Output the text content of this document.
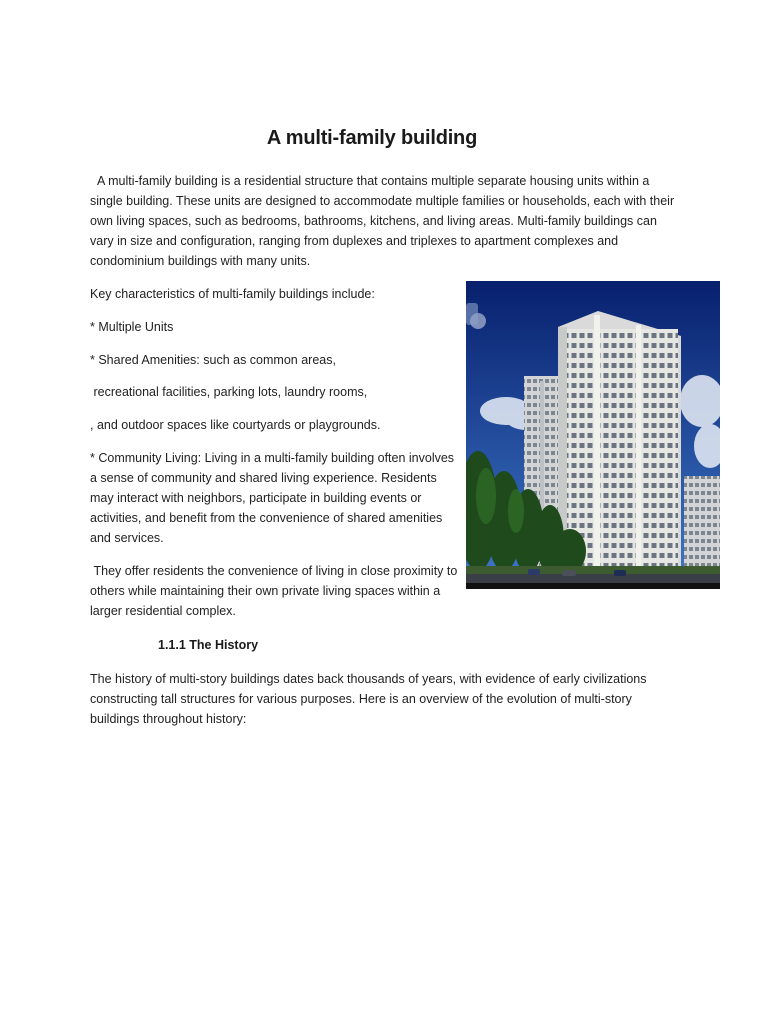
A multi-family building

A multi-family building is a residential structure that contains multiple separate housing units within a single building. These units are designed to accommodate multiple families or households, each with their own living spaces, such as bedrooms, bathrooms, kitchens, and living areas. Multi-family buildings can vary in size and configuration, ranging from duplexes and triplexes to apartment complexes and condominium buildings with many units.

Key characteristics of multi-family buildings include:

* Multiple Units

* Shared Amenities: such as common areas,

recreational facilities, parking lots, laundry rooms,

, and outdoor spaces like courtyards or playgrounds.

* Community Living: Living in a multi-family building often involves a sense of community and shared living experience. Residents may interact with neighbors, participate in building events or activities, and benefit from the convenience of shared amenities and services.

They offer residents the convenience of living in close proximity to others while maintaining their own private living spaces within a larger residential complex.

1.1.1 The History

The history of multi-story buildings dates back thousands of years, with evidence of early civilizations constructing tall structures for various purposes. Here is an overview of the evolution of multi-story buildings throughout history:
